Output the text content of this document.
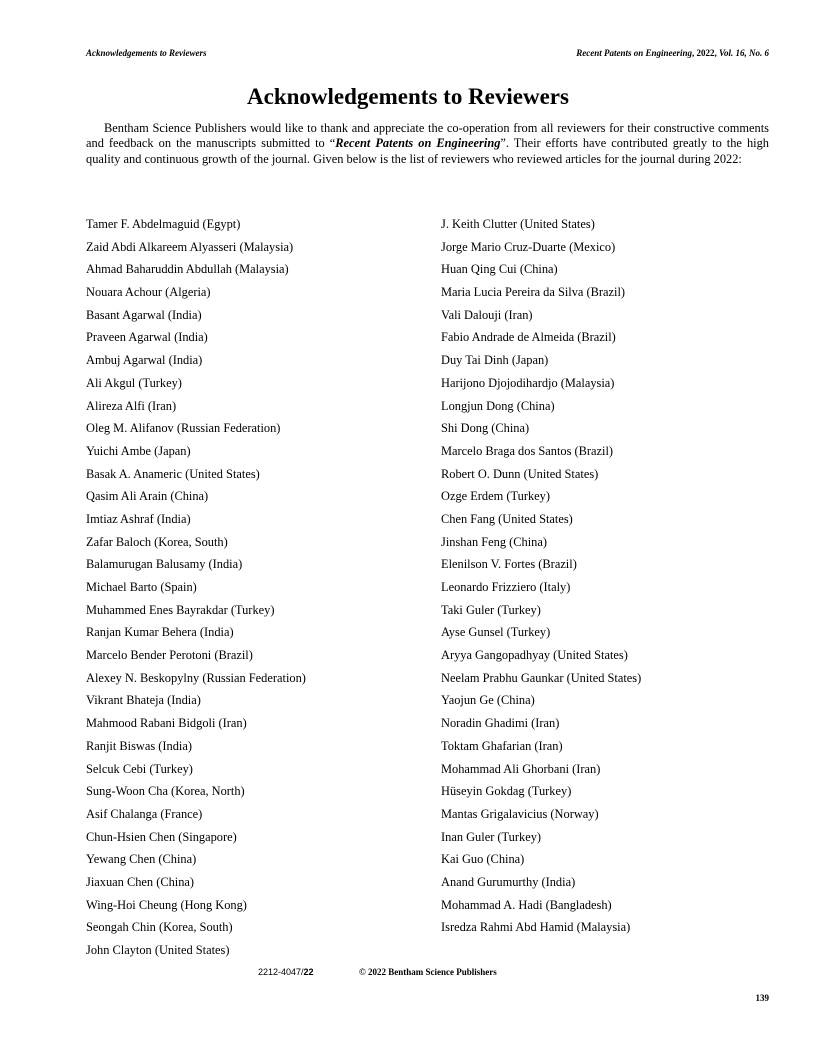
Acknowledgements to Reviewers	Recent Patents on Engineering, 2022, Vol. 16, No. 6
Acknowledgements to Reviewers

Bentham Science Publishers would like to thank and appreciate the co-operation from all reviewers for their constructive comments and feedback on the manuscripts submitted to “Recent Patents on Engineering”. Their efforts have contributed greatly to the high quality and continuous growth of the journal. Given below is the list of reviewers who reviewed articles for the journal during 2022:

Tamer F. Abdelmaguid (Egypt)
Zaid Abdi Alkareem Alyasseri (Malaysia)
Ahmad Baharuddin Abdullah (Malaysia)
Nouara Achour (Algeria)
Basant Agarwal (India)
Praveen Agarwal (India)
Ambuj Agarwal (India)
Ali Akgul (Turkey)
Alireza Alfi (Iran)
Oleg M. Alifanov (Russian Federation)
Yuichi Ambe (Japan)
Basak A. Anameric (United States)
Qasim Ali Arain (China)
Imtiaz Ashraf (India)
Zafar Baloch (Korea, South)
Balamurugan Balusamy (India)
Michael Barto (Spain)
Muhammed Enes Bayrakdar (Turkey)
Ranjan Kumar Behera (India)
Marcelo Bender Perotoni (Brazil)
Alexey N. Beskopylny (Russian Federation)
Vikrant Bhateja (India)
Mahmood Rabani Bidgoli (Iran)
Ranjit Biswas (India)
Selcuk Cebi (Turkey)
Sung-Woon Cha (Korea, North)
Asif Chalanga (France)
Chun-Hsien Chen (Singapore)
Yewang Chen (China)
Jiaxuan Chen (China)
Wing-Hoi Cheung (Hong Kong)
Seongah Chin (Korea, South)
John Clayton (United States)
J. Keith Clutter (United States)
Jorge Mario Cruz-Duarte (Mexico)
Huan Qing Cui (China)
Maria Lucia Pereira da Silva (Brazil)
Vali Dalouji (Iran)
Fabio Andrade de Almeida (Brazil)
Duy Tai Dinh (Japan)
Harijono Djojodihardjo (Malaysia)
Longjun Dong (China)
Shi Dong (China)
Marcelo Braga dos Santos (Brazil)
Robert O. Dunn (United States)
Ozge Erdem (Turkey)
Chen Fang (United States)
Jinshan Feng (China)
Elenilson V. Fortes (Brazil)
Leonardo Frizziero (Italy)
Taki Guler (Turkey)
Ayse Gunsel (Turkey)
Aryya Gangopadhyay (United States)
Neelam Prabhu Gaunkar (United States)
Yaojun Ge (China)
Noradin Ghadimi (Iran)
Toktam Ghafarian (Iran)
Mohammad Ali Ghorbani (Iran)
Hüseyin Gokdag (Turkey)
Mantas Grigalavicius (Norway)
Inan Guler (Turkey)
Kai Guo (China)
Anand Gurumurthy (India)
Mohammad A. Hadi (Bangladesh)
Isredza Rahmi Abd Hamid (Malaysia)
2212-4047/22	© 2022 Bentham Science Publishers
139
